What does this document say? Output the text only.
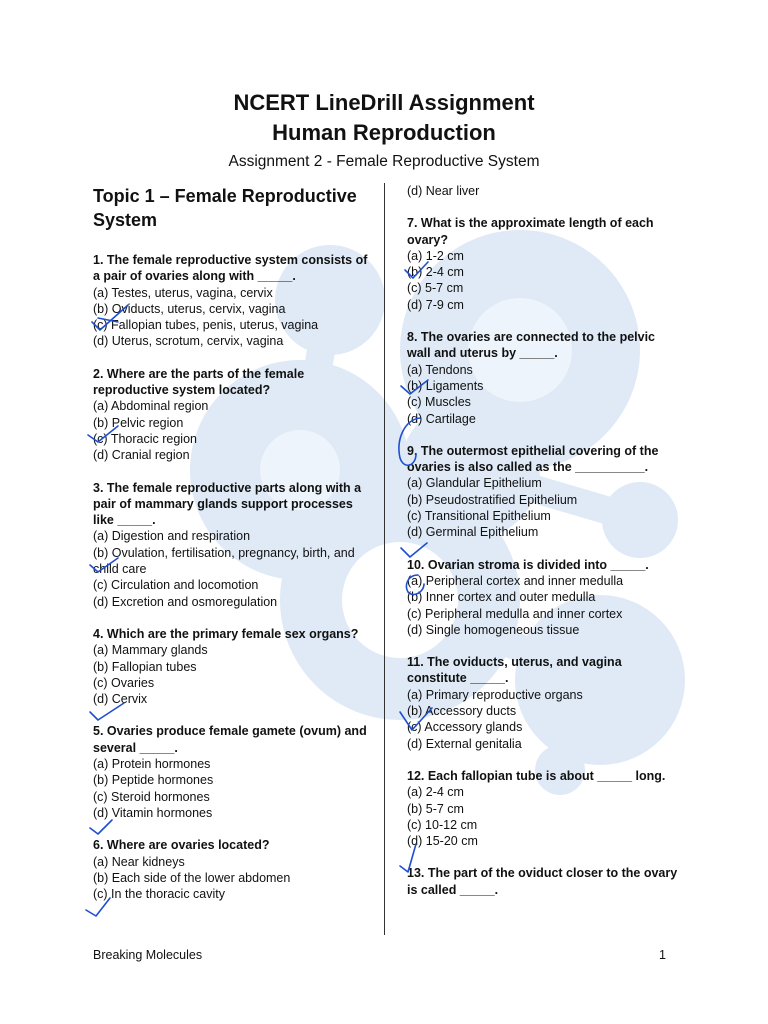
NCERT LineDrill Assignment
Human Reproduction
Assignment 2 - Female Reproductive System
Topic 1 – Female Reproductive System
1. The female reproductive system consists of a pair of ovaries along with _____.
(a) Testes, uterus, vagina, cervix
(b) Oviducts, uterus, cervix, vagina
(c) Fallopian tubes, penis, uterus, vagina
(d) Uterus, scrotum, cervix, vagina
2. Where are the parts of the female reproductive system located?
(a) Abdominal region
(b) Pelvic region
(c) Thoracic region
(d) Cranial region
3. The female reproductive parts along with a pair of mammary glands support processes like _____.
(a) Digestion and respiration
(b) Ovulation, fertilisation, pregnancy, birth, and child care
(c) Circulation and locomotion
(d) Excretion and osmoregulation
4. Which are the primary female sex organs?
(a) Mammary glands
(b) Fallopian tubes
(c) Ovaries
(d) Cervix
5. Ovaries produce female gamete (ovum) and several _____.
(a) Protein hormones
(b) Peptide hormones
(c) Steroid hormones
(d) Vitamin hormones
6. Where are ovaries located?
(a) Near kidneys
(b) Each side of the lower abdomen
(c) In the thoracic cavity
(d) Near liver
7. What is the approximate length of each ovary?
(a) 1-2 cm
(b) 2-4 cm
(c) 5-7 cm
(d) 7-9 cm
8. The ovaries are connected to the pelvic wall and uterus by _____.
(a) Tendons
(b) Ligaments
(c) Muscles
(d) Cartilage
9. The outermost epithelial covering of the ovaries is also called as the __________.
(a) Glandular Epithelium
(b) Pseudostratified Epithelium
(c) Transitional Epithelium
(d) Germinal Epithelium
10. Ovarian stroma is divided into _____.
(a) Peripheral cortex and inner medulla
(b) Inner cortex and outer medulla
(c) Peripheral medulla and inner cortex
(d) Single homogeneous tissue
11. The oviducts, uterus, and vagina constitute _____.
(a) Primary reproductive organs
(b) Accessory ducts
(c) Accessory glands
(d) External genitalia
12. Each fallopian tube is about _____ long.
(a) 2-4 cm
(b) 5-7 cm
(c) 10-12 cm
(d) 15-20 cm
13. The part of the oviduct closer to the ovary is called _____.
Breaking Molecules	1
